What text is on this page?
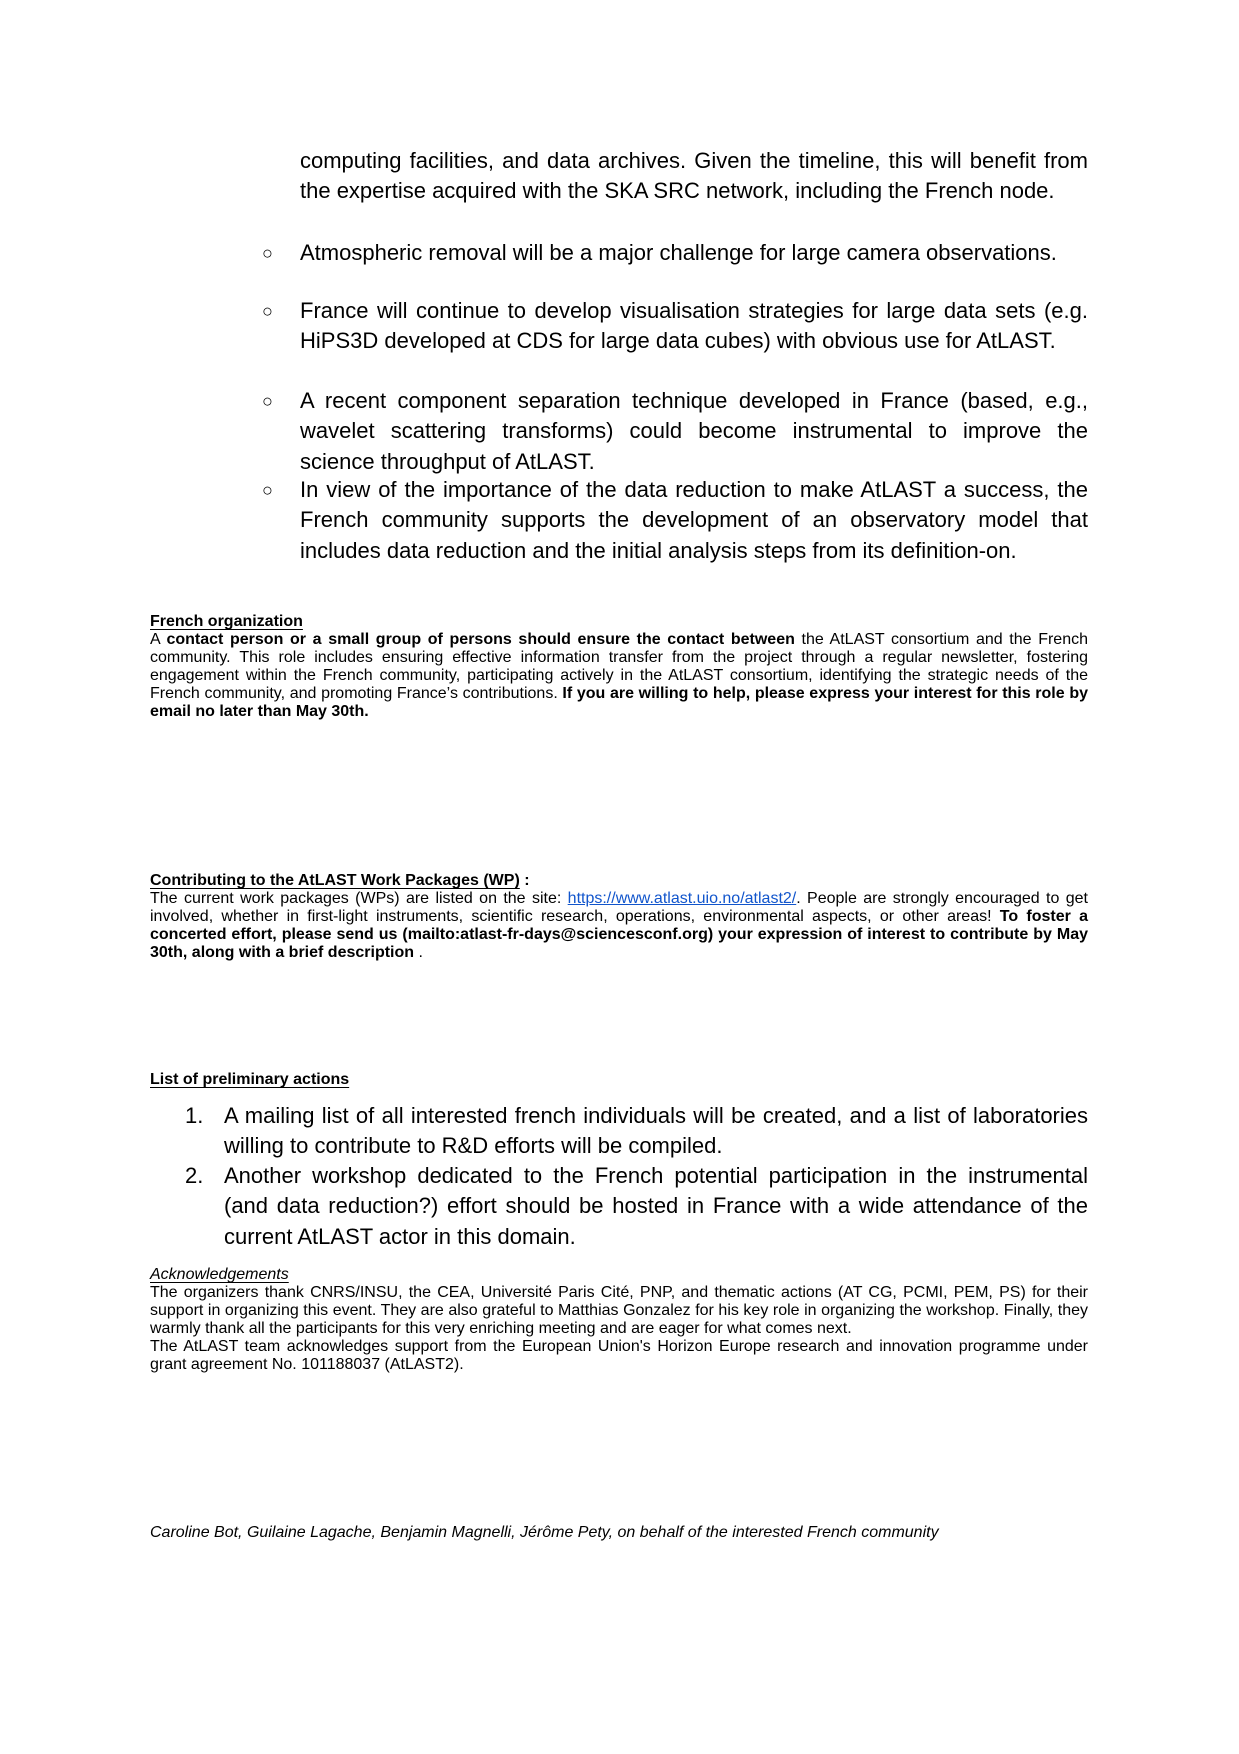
computing facilities, and data archives. Given the timeline, this will benefit from the expertise acquired with the SKA SRC network, including the French node.

○ Atmospheric removal will be a major challenge for large camera observations.

○ France will continue to develop visualisation strategies for large data sets (e.g. HiPS3D developed at CDS for large data cubes) with obvious use for AtLAST.

○ A recent component separation technique developed in France (based, e.g., wavelet scattering transforms) could become instrumental to improve the science throughput of AtLAST.

○ In view of the importance of the data reduction to make AtLAST a success, the French community supports the development of an observatory model that includes data reduction and the initial analysis steps from its definition-on.

French organization

A contact person or a small group of persons should ensure the contact between the AtLAST consortium and the French community. This role includes ensuring effective information transfer from the project through a regular newsletter, fostering engagement within the French community, participating actively in the AtLAST consortium, identifying the strategic needs of the French community, and promoting France’s contributions. If you are willing to help, please express your interest for this role by email no later than May 30th.

Contributing to the AtLAST Work Packages (WP) :

The current work packages (WPs) are listed on the site: https://www.atlast.uio.no/atlast2/. People are strongly encouraged to get involved, whether in first-light instruments, scientific research, operations, environmental aspects, or other areas! To foster a concerted effort, please send us (mailto:atlast-fr-days@sciencesconf.org) your expression of interest to contribute by May 30th, along with a brief description .

List of preliminary actions

1. A mailing list of all interested french individuals will be created, and a list of laboratories willing to contribute to R&D efforts will be compiled.

2. Another workshop dedicated to the French potential participation in the instrumental (and data reduction?) effort should be hosted in France with a wide attendance of the current AtLAST actor in this domain.

Acknowledgements

The organizers thank CNRS/INSU, the CEA, Université Paris Cité, PNP, and thematic actions (AT CG, PCMI, PEM, PS) for their support in organizing this event. They are also grateful to Matthias Gonzalez for his key role in organizing the workshop. Finally, they warmly thank all the participants for this very enriching meeting and are eager for what comes next.

The AtLAST team acknowledges support from the European Union's Horizon Europe research and innovation programme under grant agreement No. 101188037 (AtLAST2).

Caroline Bot, Guilaine Lagache, Benjamin Magnelli, Jérôme Pety, on behalf of the interested French community
